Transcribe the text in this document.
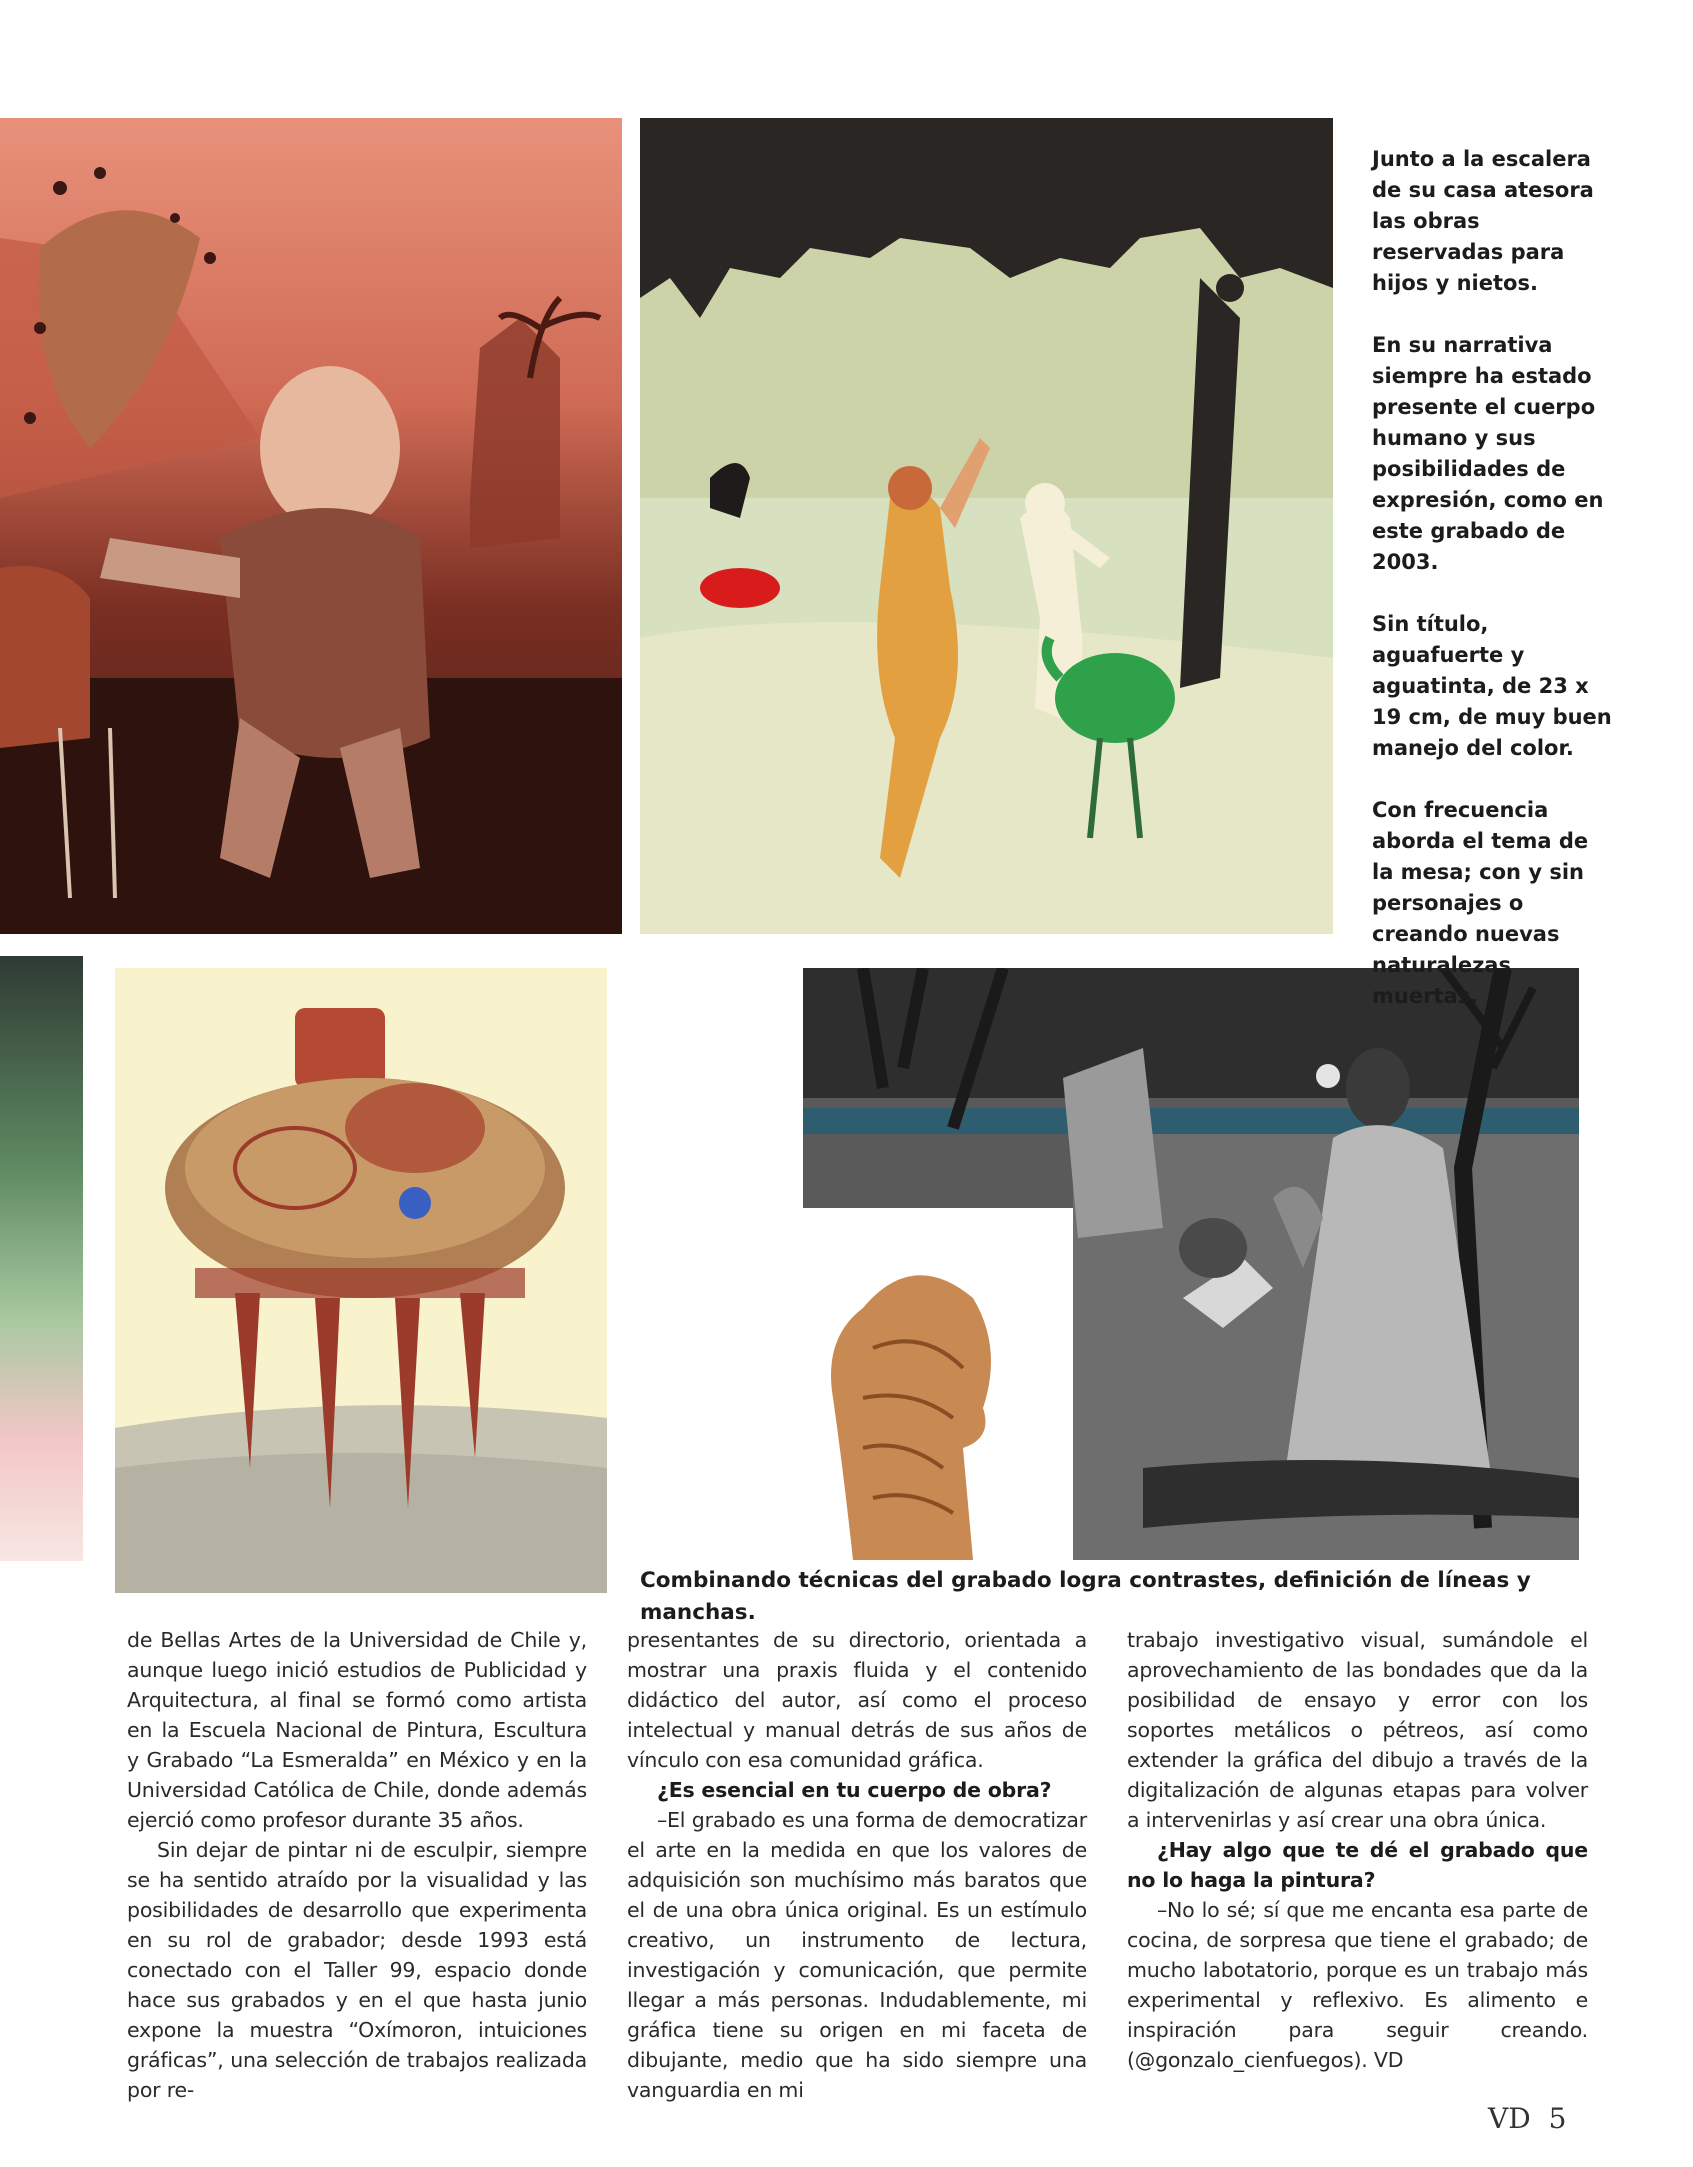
Junto a la escalera de su casa atesora las obras reservadas para hijos y nietos.

En su narrativa siempre ha estado presente el cuerpo humano y sus posibilidades de expresión, como en este grabado de 2003.

Sin título, aguafuerte y aguatinta, de 23 x 19 cm, de muy buen manejo del color.

Con frecuencia aborda el tema de la mesa; con y sin personajes o creando nuevas naturalezas muertas.

Combinando técnicas del grabado logra contrastes, definición de líneas y manchas.

de Bellas Artes de la Universidad de Chile y, aunque luego inició estudios de Publicidad y Arquitectura, al final se formó como artista en la Escuela Nacional de Pintura, Escultura y Grabado “La Esmeralda” en México y en la Universidad Católica de Chile, donde además ejerció como profesor durante 35 años.

Sin dejar de pintar ni de esculpir, siempre se ha sentido atraído por la visualidad y las posibilidades de desarrollo que experimenta en su rol de grabador; desde 1993 está conectado con el Taller 99, espacio donde hace sus grabados y en el que hasta junio expone la muestra “Oxímoron, intuiciones gráficas”, una selección de trabajos realizada por re-

presentantes de su directorio, orientada a mostrar una praxis fluida y el contenido didáctico del autor, así como el proceso intelectual y manual detrás de sus años de vínculo con esa comunidad gráfica.

¿Es esencial en tu cuerpo de obra?

–El grabado es una forma de democratizar el arte en la medida en que los valores de adquisición son muchísimo más baratos que el de una obra única original. Es un estímulo creativo, un instrumento de lectura, investigación y comunicación, que permite llegar a más personas. Indudablemente, mi gráfica tiene su origen en mi faceta de dibujante, medio que ha sido siempre una vanguardia en mi

trabajo investigativo visual, sumándole el aprovechamiento de las bondades que da la posibilidad de ensayo y error con los soportes metálicos o pétreos, así como extender la gráfica del dibujo a través de la digitalización de algunas etapas para volver a intervenirlas y así crear una obra única.

¿Hay algo que te dé el grabado que no lo haga la pintura?

–No lo sé; sí que me encanta esa parte de cocina, de sorpresa que tiene el grabado; de mucho labotatorio, porque es un trabajo más experimental y reflexivo. Es alimento e inspiración para seguir creando. (@gonzalo_cienfuegos). VD

VD 5
